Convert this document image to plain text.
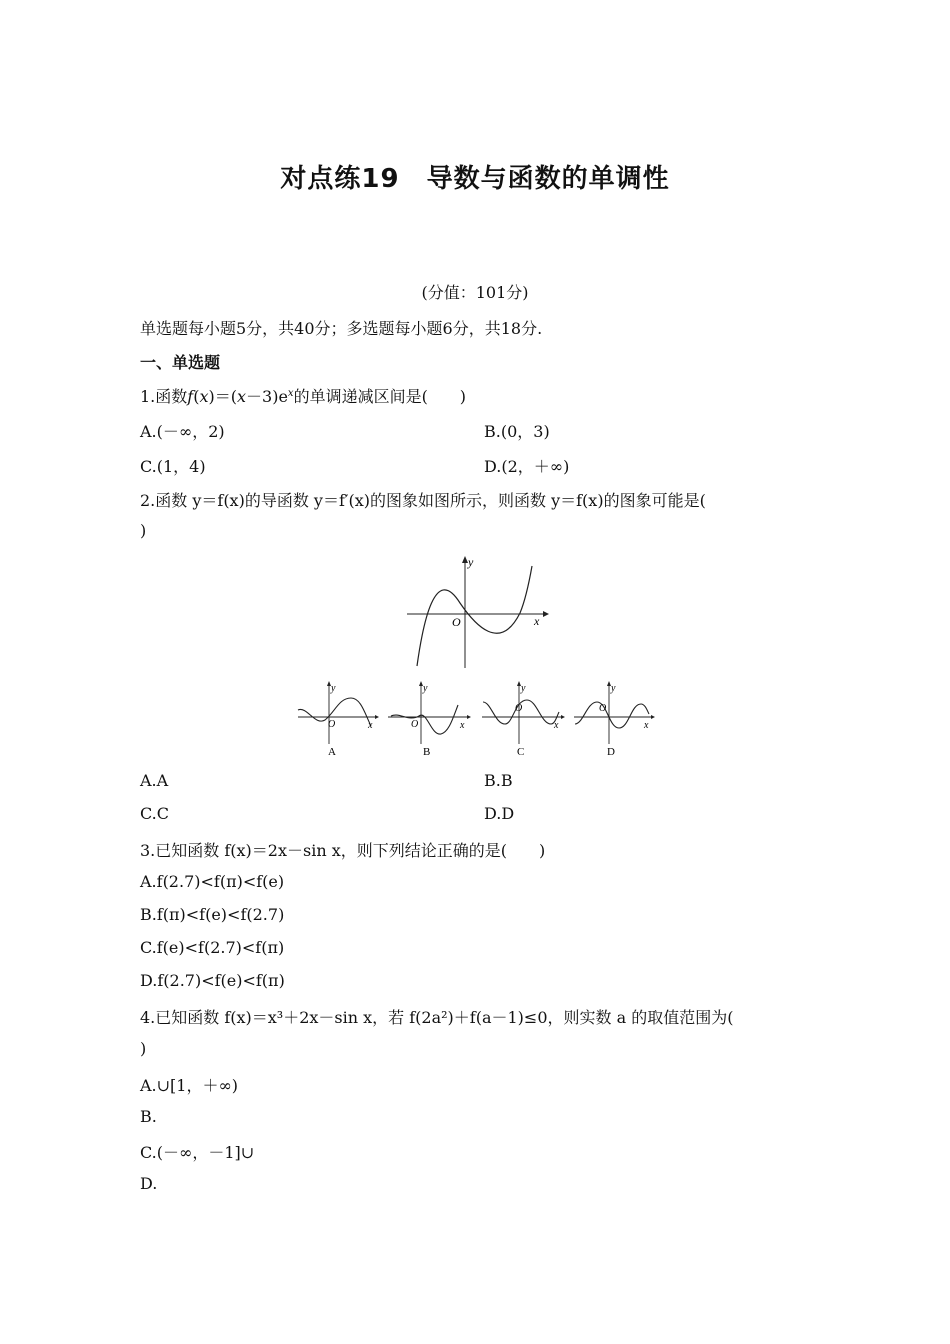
对点练19　导数与函数的单调性
(分值：101分)
单选题每小题5分，共40分；多选题每小题6分，共18分.
一、单选题
1.函数$f(x)=(x-3)e^x$的单调递减区间是(　　)
A.(－∞，2)	B.(0，3)
C.(1，4)	D.(2，＋∞)
2.函数 y＝f(x)的导函数 y＝f′(x)的图象如图所示，则函数 y＝f(x)的图象可能是(
)
y
x
O
y
x
O
A
y
x
O
B
y
x
O
C
y
x
O
D
A.A	B.B
C.C	D.D
3.已知函数 f(x)＝2x－sin x，则下列结论正确的是(　　)
A.f(2.7)<f(π)<f(e)
B.f(π)<f(e)<f(2.7)
C.f(e)<f(2.7)<f(π)
D.f(2.7)<f(e)<f(π)
4.已知函数 f(x)＝x³＋2x－sin x，若 f(2a²)＋f(a－1)≤0，则实数 a 的取值范围为(
)
A.∪[1，＋∞)
B.
C.(－∞，－1]∪
D.
